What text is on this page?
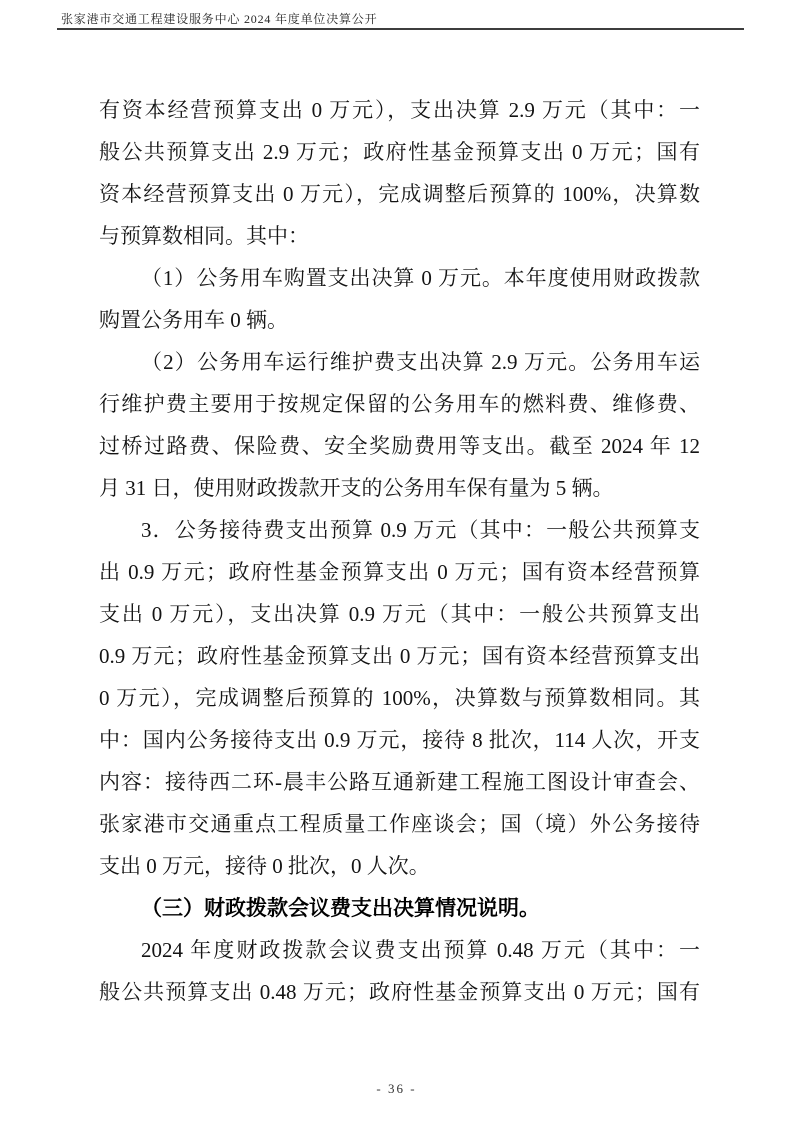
张家港市交通工程建设服务中心 2024 年度单位决算公开
有资本经营预算支出 0 万元），支出决算 2.9 万元（其中：一
般公共预算支出 2.9 万元；政府性基金预算支出 0 万元；国有
资本经营预算支出 0 万元），完成调整后预算的 100%，决算数
与预算数相同。其中：
（1）公务用车购置支出决算 0 万元。本年度使用财政拨款
购置公务用车 0 辆。
（2）公务用车运行维护费支出决算 2.9 万元。公务用车运
行维护费主要用于按规定保留的公务用车的燃料费、维修费、
过桥过路费、保险费、安全奖励费用等支出。截至 2024 年 12
月 31 日，使用财政拨款开支的公务用车保有量为 5 辆。
3．公务接待费支出预算 0.9 万元（其中：一般公共预算支
出 0.9 万元；政府性基金预算支出 0 万元；国有资本经营预算
支出 0 万元），支出决算 0.9 万元（其中：一般公共预算支出
0.9 万元；政府性基金预算支出 0 万元；国有资本经营预算支出
0 万元），完成调整后预算的 100%，决算数与预算数相同。其
中：国内公务接待支出 0.9 万元，接待 8 批次，114 人次，开支
内容：接待西二环-晨丰公路互通新建工程施工图设计审查会、
张家港市交通重点工程质量工作座谈会；国（境）外公务接待
支出 0 万元，接待 0 批次，0 人次。
（三）财政拨款会议费支出决算情况说明。
2024 年度财政拨款会议费支出预算 0.48 万元（其中：一
般公共预算支出 0.48 万元；政府性基金预算支出 0 万元；国有
- 36 -
